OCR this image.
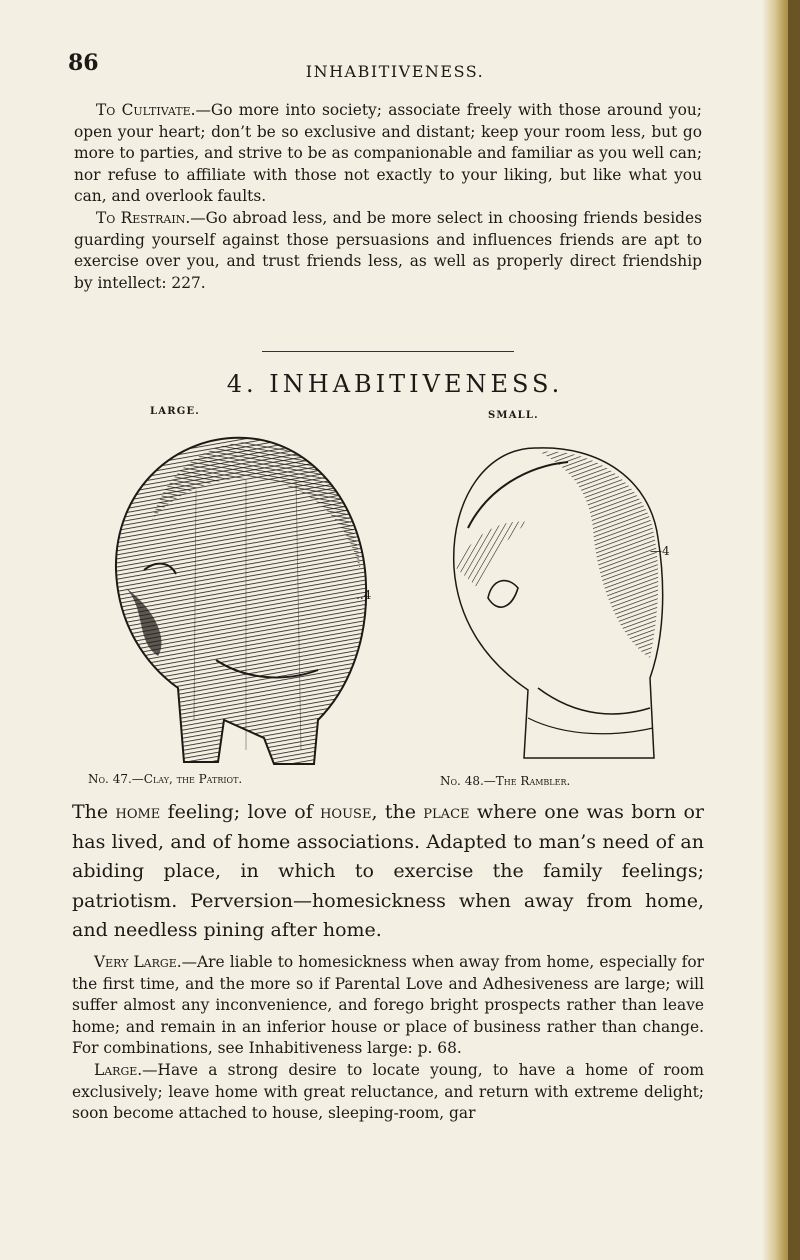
86	INHABITIVENESS.

To Cultivate.—Go more into society; associate freely with those around you; open your heart; don’t be so exclusive and distant; keep your room less, but go more to parties, and strive to be as companionable and familiar as you well can; nor refuse to affiliate with those not exactly to your liking, but like what you can, and overlook faults.

To Restrain.—Go abroad less, and be more select in choosing friends besides guarding yourself against those persuasions and influences friends are apt to exercise over you, and trust friends less, as well as properly direct friendship by intellect: 227.

4. INHABITIVENESS.
LARGE.	SMALL.
..4
—4
No. 47.—Clay, the Patriot.	No. 48.—The Rambler.
The home feeling; love of house, the place where one was born or has lived, and of home associations. Adapted to man’s need of an abiding place, in which to exercise the family feelings; patriotism. Perversion—homesickness when away from home, and needless pining after home.

Very Large.—Are liable to homesickness when away from home, especially for the first time, and the more so if Parental Love and Adhesiveness are large; will suffer almost any inconvenience, and forego bright prospects rather than leave home; and remain in an inferior house or place of business rather than change. For combinations, see Inhabitiveness large: p. 68.

Large.—Have a strong desire to locate young, to have a home of room exclusively; leave home with great reluctance, and return with extreme delight; soon become attached to house, sleeping-room, gar
